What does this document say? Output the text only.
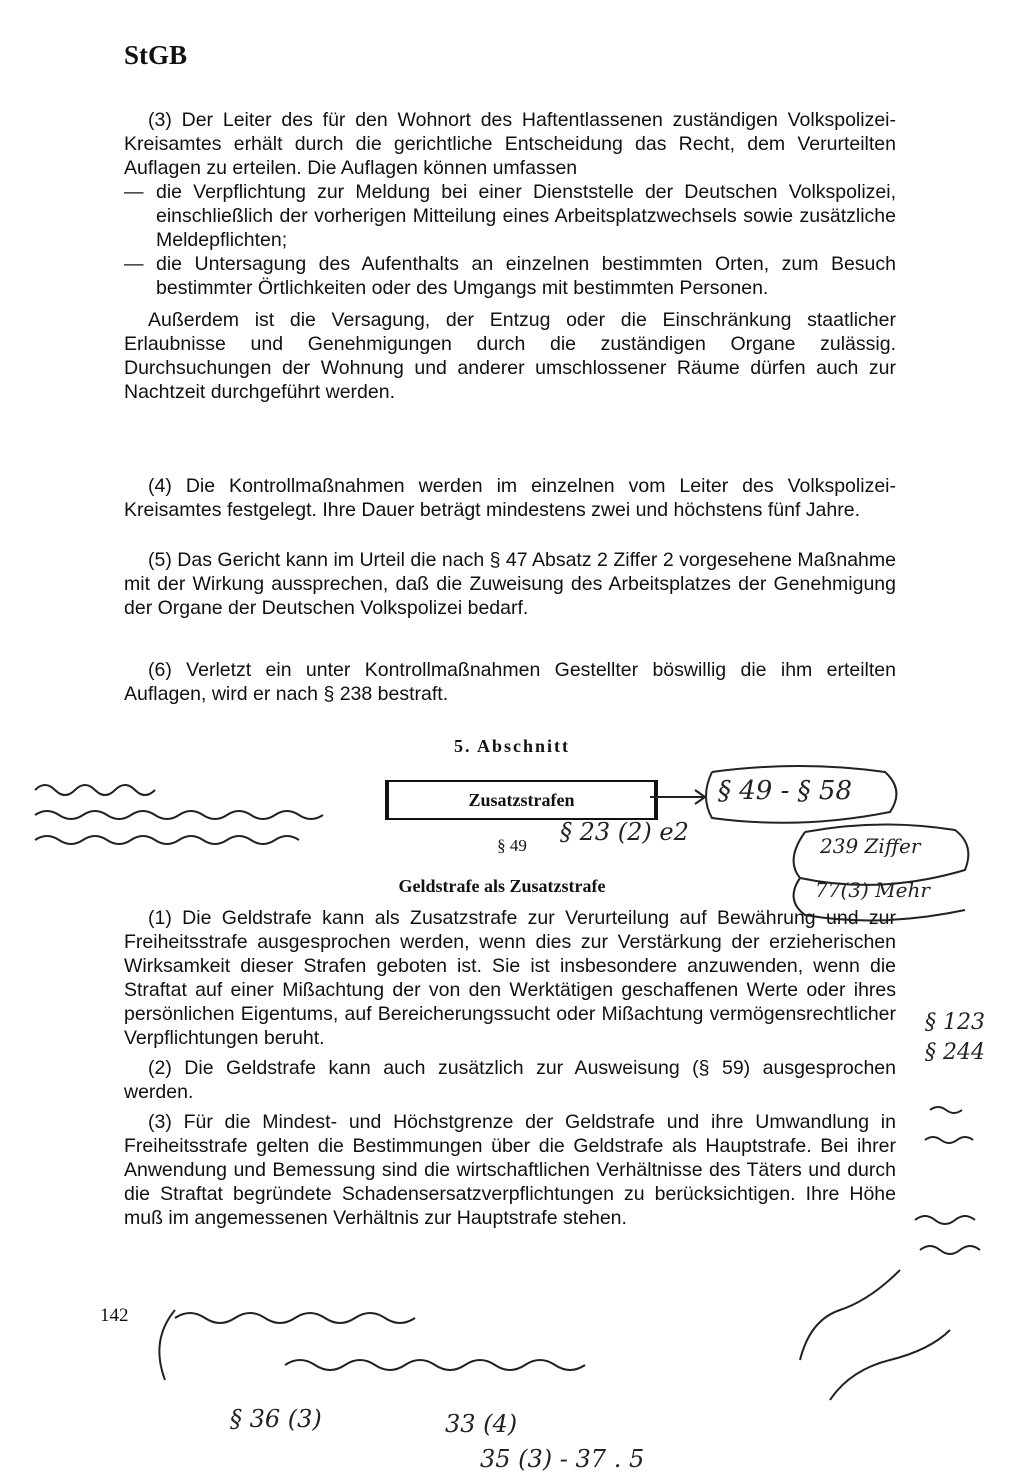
StGB

(3) Der Leiter des für den Wohnort des Haftentlassenen zuständigen Volkspolizei-Kreisamtes erhält durch die gerichtliche Entscheidung das Recht, dem Verurteilten Auflagen zu erteilen. Die Auflagen können umfassen

— die Verpflichtung zur Meldung bei einer Dienststelle der Deutschen Volkspolizei, einschließlich der vorherigen Mitteilung eines Arbeitsplatzwechsels sowie zusätzliche Meldepflichten;
— die Untersagung des Aufenthalts an einzelnen bestimmten Orten, zum Besuch bestimmter Örtlichkeiten oder des Umgangs mit bestimmten Personen.

Außerdem ist die Versagung, der Entzug oder die Einschränkung staatlicher Erlaubnisse und Genehmigungen durch die zuständigen Organe zulässig. Durchsuchungen der Wohnung und anderer umschlossener Räume dürfen auch zur Nachtzeit durchgeführt werden.

(4) Die Kontrollmaßnahmen werden im einzelnen vom Leiter des Volkspolizei-Kreisamtes festgelegt. Ihre Dauer beträgt mindestens zwei und höchstens fünf Jahre.

(5) Das Gericht kann im Urteil die nach § 47 Absatz 2 Ziffer 2 vorgesehene Maßnahme mit der Wirkung aussprechen, daß die Zuweisung des Arbeitsplatzes der Genehmigung der Organe der Deutschen Volkspolizei bedarf.

(6) Verletzt ein unter Kontrollmaßnahmen Gestellter böswillig die ihm erteilten Auflagen, wird er nach § 238 bestraft.

5. Abschnitt
Zusatzstrafen
§ 49
Geldstrafe als Zusatzstrafe

(1) Die Geldstrafe kann als Zusatzstrafe zur Verurteilung auf Bewährung und zur Freiheitsstrafe ausgesprochen werden, wenn dies zur Verstärkung der erzieherischen Wirksamkeit dieser Strafen geboten ist. Sie ist insbesondere anzuwenden, wenn die Straftat auf einer Mißachtung der von den Werktätigen geschaffenen Werte oder ihres persönlichen Eigentums, auf Bereicherungssucht oder Mißachtung vermögensrechtlicher Verpflichtungen beruht.

(2) Die Geldstrafe kann auch zusätzlich zur Ausweisung (§ 59) ausgesprochen werden.

(3) Für die Mindest- und Höchstgrenze der Geldstrafe und ihre Umwandlung in Freiheitsstrafe gelten die Bestimmungen über die Geldstrafe als Hauptstrafe. Bei ihrer Anwendung und Bemessung sind die wirtschaftlichen Verhältnisse des Täters und durch die Straftat begründete Schadensersatzverpflichtungen zu berücksichtigen. Ihre Höhe muß im angemessenen Verhältnis zur Hauptstrafe stehen.

142
§ 49 - § 58
§ 23 (2) e2	239 Ziffer
77(3) Mehr
§ 123
§ 244
§ 36 (3)	33 (4)
35 (3) - 37 . 5
